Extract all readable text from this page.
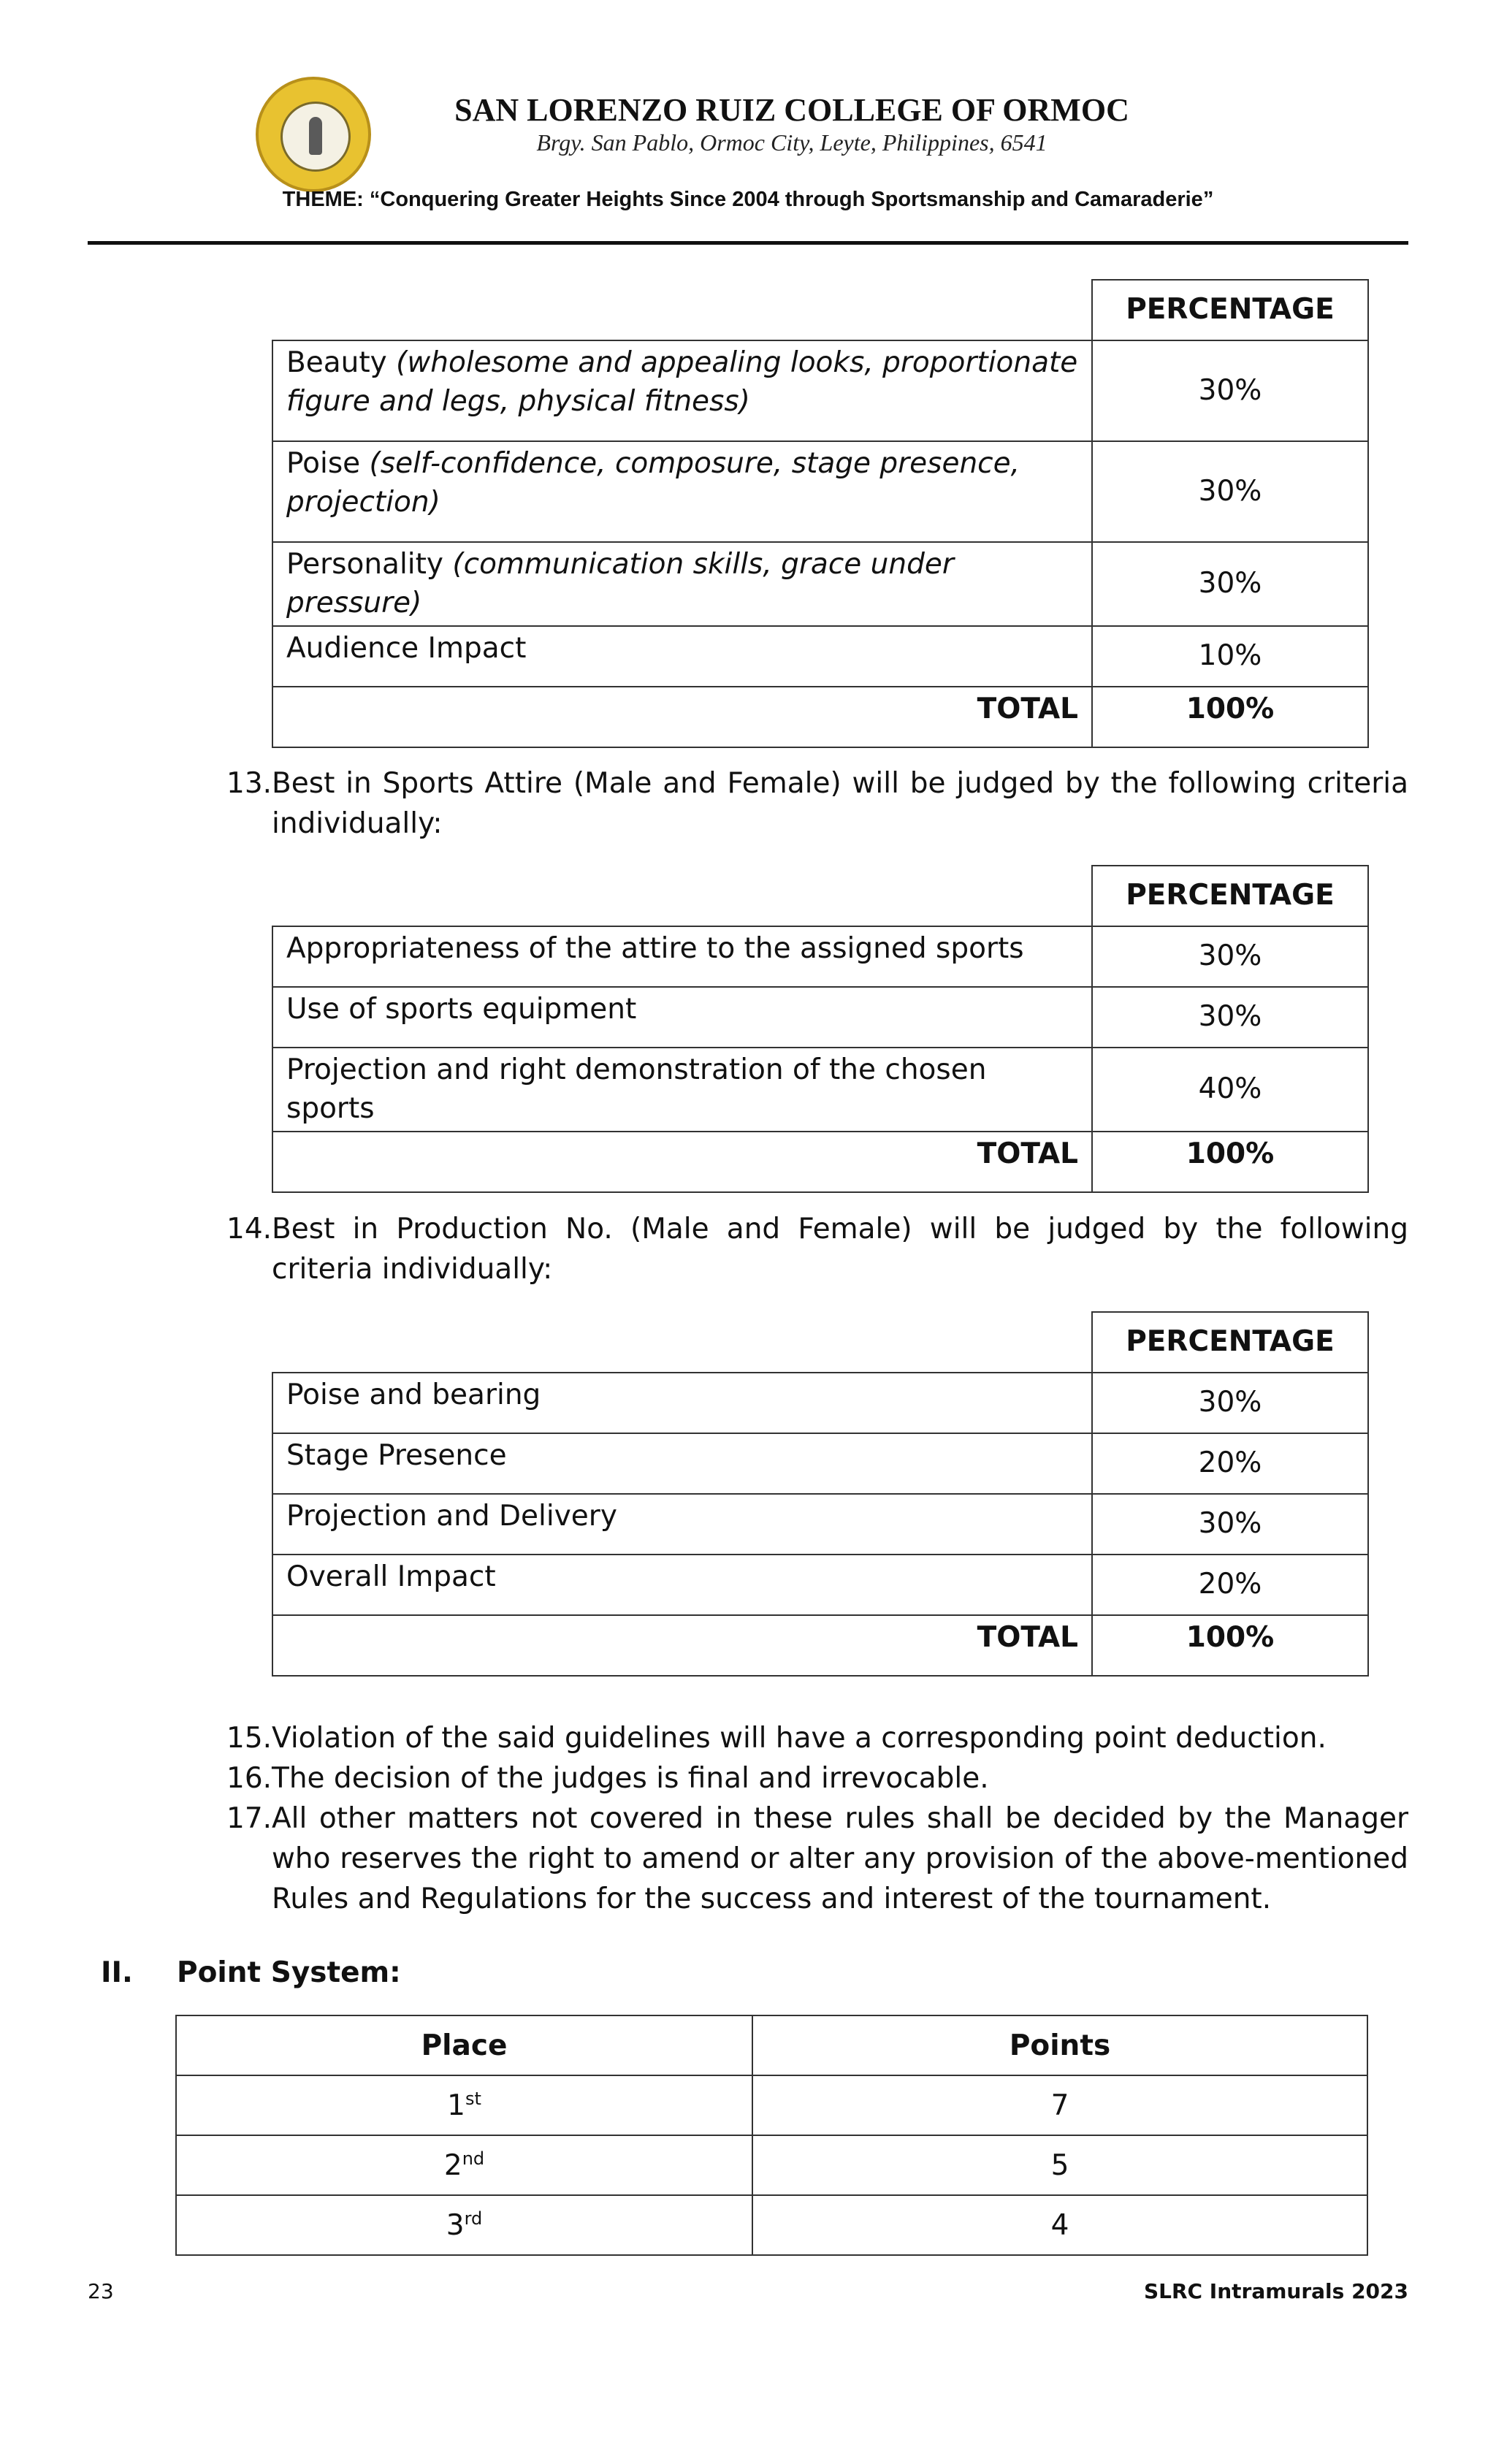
SAN LORENZO RUIZ COLLEGE OF ORMOC
Brgy. San Pablo, Ormoc City, Leyte, Philippines, 6541
THEME: “Conquering Greater Heights Since 2004 through Sportsmanship and Camaraderie”
	PERCENTAGE
Beauty (wholesome and appealing looks, proportionate figure and legs, physical fitness)	30%
Poise (self-confidence, composure, stage presence, projection)	30%
Personality (communication skills, grace under pressure)	30%
Audience Impact	10%
TOTAL	100%
13. Best in Sports Attire (Male and Female) will be judged by the following criteria individually:
	PERCENTAGE
Appropriateness of the attire to the assigned sports	30%
Use of sports equipment	30%
Projection and right demonstration of the chosen sports	40%
TOTAL	100%
14. Best in Production No. (Male and Female) will be judged by the following criteria individually:
	PERCENTAGE
Poise and bearing	30%
Stage Presence	20%
Projection and Delivery	30%
Overall Impact	20%
TOTAL	100%
15. Violation of the said guidelines will have a corresponding point deduction.
16. The decision of the judges is final and irrevocable.
17. All other matters not covered in these rules shall be decided by the Manager who reserves the right to amend or alter any provision of the above-mentioned Rules and Regulations for the success and interest of the tournament.
II. Point System:
Place	Points
1st	7
2nd	5
3rd	4
23	SLRC Intramurals 2023
